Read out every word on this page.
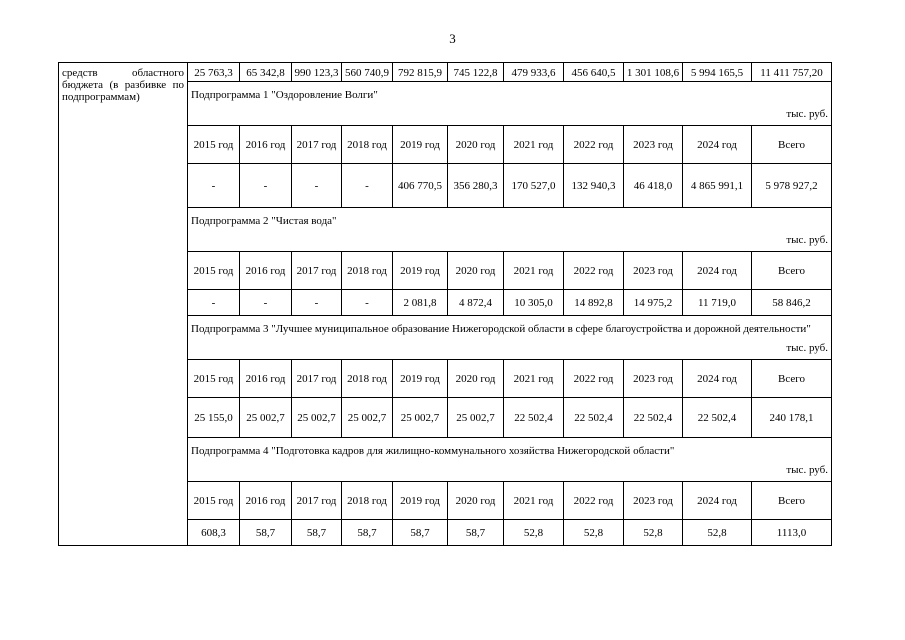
3
средств областного бюджета (в разбивке по подпрограммам)	25 763,3	65 342,8	990 123,3	560 740,9	792 815,9	745 122,8	479 933,6	456 640,5	1 301 108,6	5 994 165,5	11 411 757,20
	Подпрограмма 1 "Оздоровление Волги"										
	тыс. руб.										
	2015 год	2016 год	2017 год	2018 год	2019 год	2020 год	2021 год	2022 год	2023 год	2024 год	Всего
	-	-	-	-	406 770,5	356 280,3	170 527,0	132 940,3	46 418,0	4 865 991,1	5 978 927,2
	Подпрограмма 2 "Чистая вода"										
	тыс. руб.										
	2015 год	2016 год	2017 год	2018 год	2019 год	2020 год	2021 год	2022 год	2023 год	2024 год	Всего
	-	-	-	-	2 081,8	4 872,4	10 305,0	14 892,8	14 975,2	11 719,0	58 846,2
	Подпрограмма 3 "Лучшее муниципальное образование Нижегородской области в сфере благоустройства и дорожной деятельности"										
	тыс. руб.										
	2015 год	2016 год	2017 год	2018 год	2019 год	2020 год	2021 год	2022 год	2023 год	2024 год	Всего
	25 155,0	25 002,7	25 002,7	25 002,7	25 002,7	25 002,7	22 502,4	22 502,4	22 502,4	22 502,4	240 178,1
	Подпрограмма 4 "Подготовка кадров для жилищно-коммунального хозяйства Нижегородской области"										
	тыс. руб.										
	2015 год	2016 год	2017 год	2018 год	2019 год	2020 год	2021 год	2022 год	2023 год	2024 год	Всего
	608,3	58,7	58,7	58,7	58,7	58,7	52,8	52,8	52,8	52,8	1113,0
